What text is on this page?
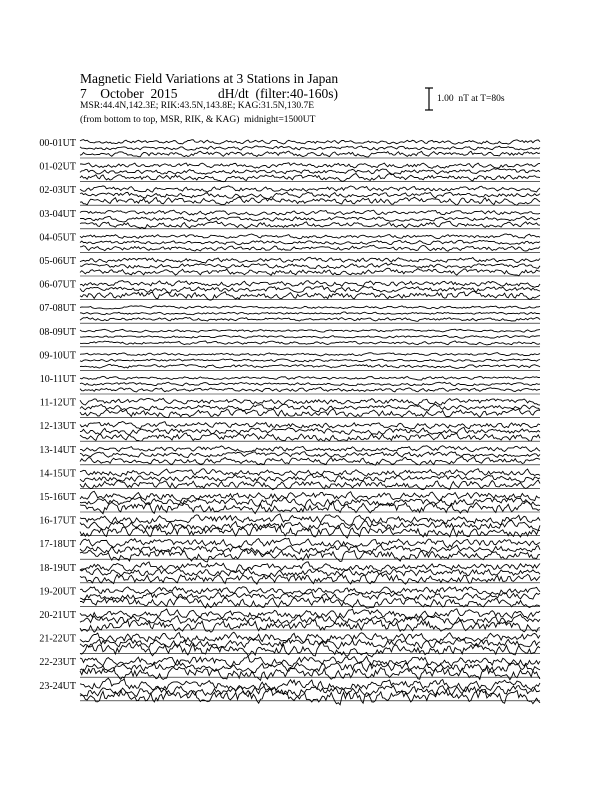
Magnetic Field Variations at 3 Stations in Japan
7    October  2015            dH/dt  (filter:40-160s)
MSR:44.4N,142.3E; RIK:43.5N,143.8E; KAG:31.5N,130.7E
(from bottom to top, MSR, RIK, & KAG)  midnight=1500UT
1.00  nT at T=80s
00-01UT
01-02UT
02-03UT
03-04UT
04-05UT
05-06UT
06-07UT
07-08UT
08-09UT
09-10UT
10-11UT
11-12UT
12-13UT
13-14UT
14-15UT
15-16UT
16-17UT
17-18UT
18-19UT
19-20UT
20-21UT
21-22UT
22-23UT
23-24UT
